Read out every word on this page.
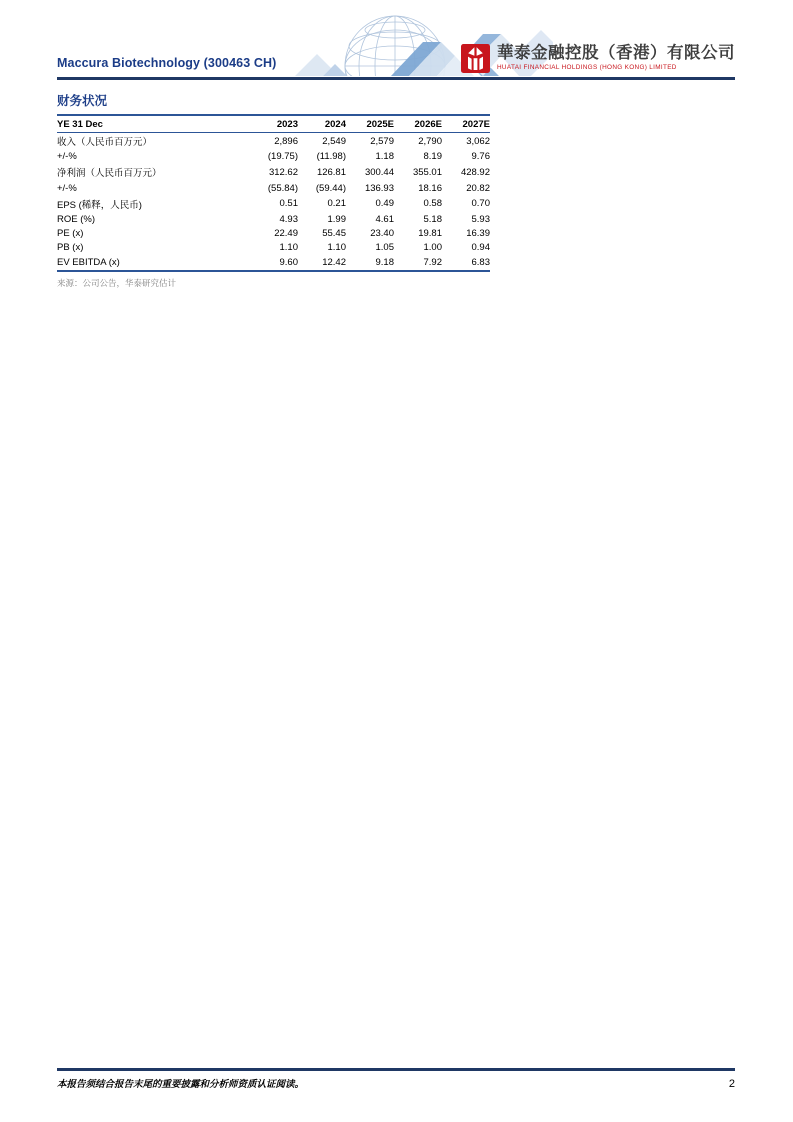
Maccura Biotechnology (300463 CH)
華泰金融控股（香港）有限公司
HUATAI FINANCIAL HOLDINGS (HONG KONG) LIMITED
财务状况
YE 31 Dec	2023	2024	2025E	2026E	2027E
收入（人民币百万元）	2,896	2,549	2,579	2,790	3,062
+/-%	(19.75)	(11.98)	1.18	8.19	9.76
净利润（人民币百万元）	312.62	126.81	300.44	355.01	428.92
+/-%	(55.84)	(59.44)	136.93	18.16	20.82
EPS (稀释，人民币)	0.51	0.21	0.49	0.58	0.70
ROE (%)	4.93	1.99	4.61	5.18	5.93
PE (x)	22.49	55.45	23.40	19.81	16.39
PB (x)	1.10	1.10	1.05	1.00	0.94
EV EBITDA (x)	9.60	12.42	9.18	7.92	6.83
来源：公司公告，华泰研究估计
本报告须结合报告末尾的重要披露和分析师资质认证阅读。	2
